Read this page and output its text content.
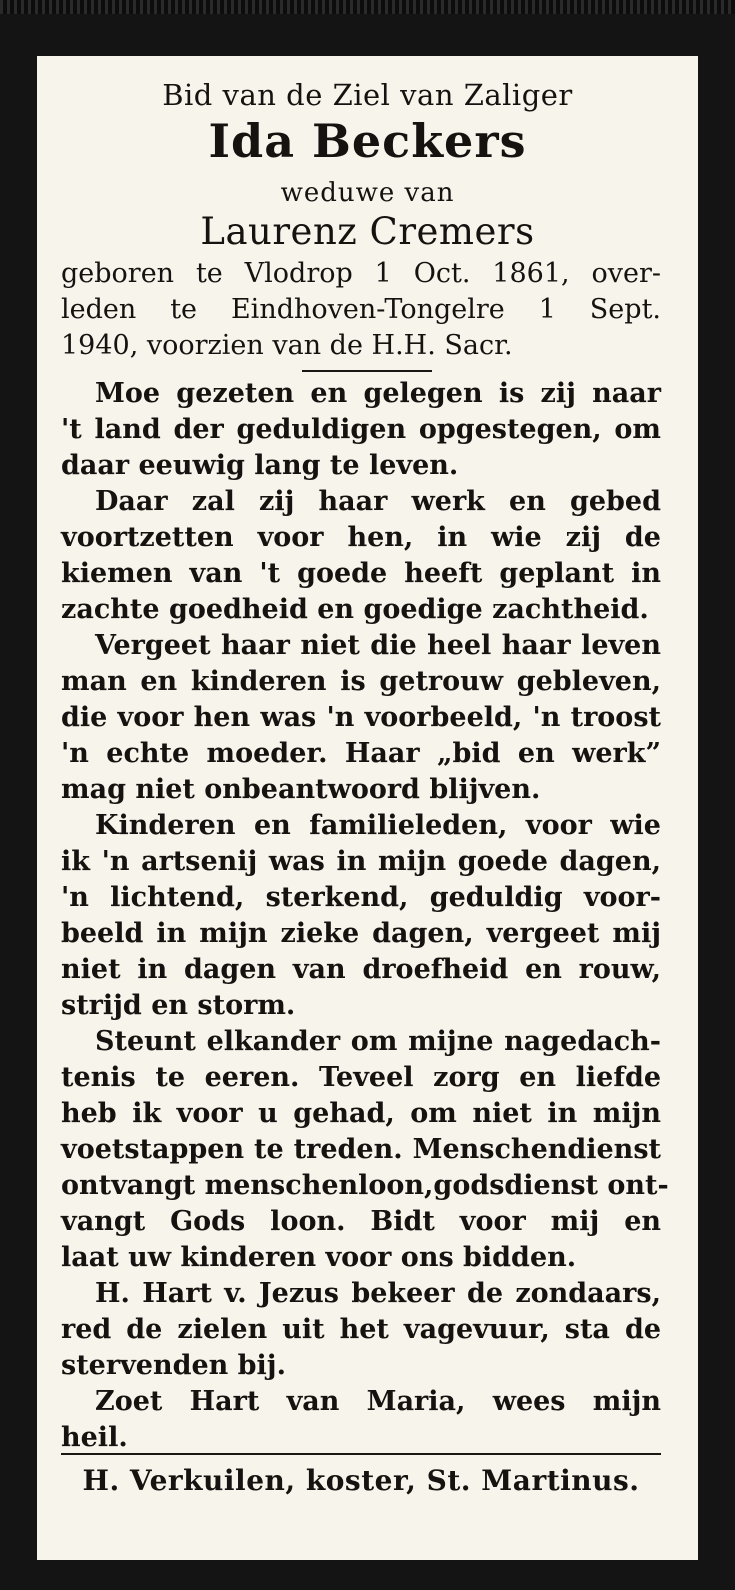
Bid van de Ziel van Zaliger
Ida Beckers
weduwe van
Laurenz Cremers
geboren te Vlodrop 1 Oct. 1861, over-
leden te Eindhoven-Tongelre 1 Sept.
1940, voorzien van de H.H. Sacr.
Moe gezeten en gelegen is zij naar
't land der geduldigen opgestegen, om
daar eeuwig lang te leven.
Daar zal zij haar werk en gebed
voortzetten voor hen, in wie zij de
kiemen van 't goede heeft geplant in
zachte goedheid en goedige zachtheid.
Vergeet haar niet die heel haar leven
man en kinderen is getrouw gebleven,
die voor hen was 'n voorbeeld, 'n troost
'n echte moeder. Haar „bid en werk”
mag niet onbeantwoord blijven.
Kinderen en familieleden, voor wie
ik 'n artsenij was in mijn goede dagen,
'n lichtend, sterkend, geduldig voor-
beeld in mijn zieke dagen, vergeet mij
niet in dagen van droefheid en rouw,
strijd en storm.
Steunt elkander om mijne nagedach-
tenis te eeren. Teveel zorg en liefde
heb ik voor u gehad, om niet in mijn
voetstappen te treden. Menschendienst
ontvangt menschenloon,godsdienst ont-
vangt Gods loon. Bidt voor mij en
laat uw kinderen voor ons bidden.
H. Hart v. Jezus bekeer de zondaars,
red de zielen uit het vagevuur, sta de
stervenden bij.
Zoet Hart van Maria, wees mijn
heil.
H. Verkuilen, koster, St. Martinus.
